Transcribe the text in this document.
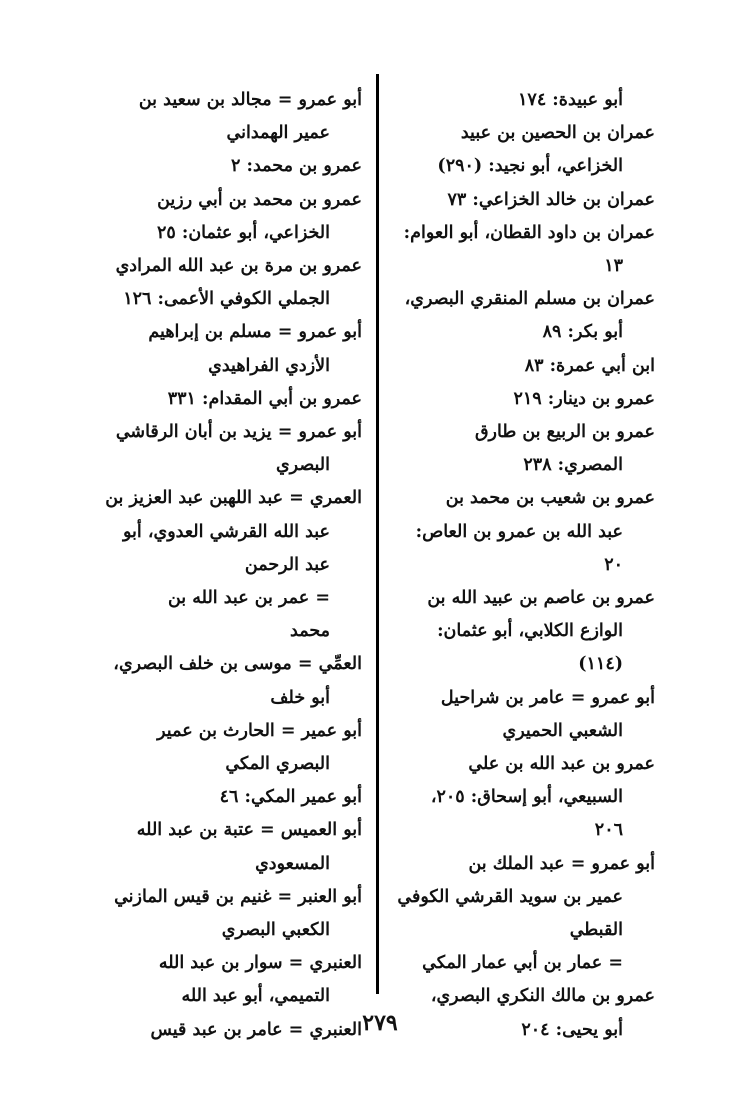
أبو عبيدة: ١٧٤
عمران بن الحصين بن عبيد
الخزاعي، أبو نجيد: (٢٩٠)
عمران بن خالد الخزاعي: ٧٣
عمران بن داود القطان، أبو العوام:
١٣
عمران بن مسلم المنقري البصري،
أبو بكر: ٨٩
ابن أبي عمرة: ٨٣
عمرو بن دينار: ٢١٩
عمرو بن الربيع بن طارق
المصري: ٢٣٨
عمرو بن شعيب بن محمد بن
عبد الله بن عمرو بن العاص:
٢٠
عمرو بن عاصم بن عبيد الله بن
الوازع الكلابي، أبو عثمان:
(١١٤)
أبو عمرو = عامر بن شراحيل
الشعبي الحميري
عمرو بن عبد الله بن علي
السبيعي، أبو إسحاق: ٢٠٥،
٢٠٦
أبو عمرو = عبد الملك بن
عمير بن سويد القرشي الكوفي
القبطي
= عمار بن أبي عمار المكي
عمرو بن مالك النكري البصري،
أبو يحيى: ٢٠٤
أبو عمرو = مجالد بن سعيد بن
عمير الهمداني
عمرو بن محمد: ٢
عمرو بن محمد بن أبي رزين
الخزاعي، أبو عثمان: ٢٥
عمرو بن مرة بن عبد الله المرادي
الجملي الكوفي الأعمى: ١٢٦
أبو عمرو = مسلم بن إبراهيم
الأزدي الفراهيدي
عمرو بن أبي المقدام: ٣٣١
أبو عمرو = يزيد بن أبان الرقاشي
البصري
العمري = عبد اللهبن عبد العزيز بن
عبد الله القرشي العدوي، أبو
عبد الرحمن
= عمر بن عبد الله بن
محمد
العمِّي = موسى بن خلف البصري،
أبو خلف
أبو عمير = الحارث بن عمير
البصري المكي
أبو عمير المكي: ٤٦
أبو العميس = عتبة بن عبد الله
المسعودي
أبو العنبر = غنيم بن قيس المازني
الكعبي البصري
العنبري = سوار بن عبد الله
التميمي، أبو عبد الله
العنبري = عامر بن عبد قيس ٢٧٩
